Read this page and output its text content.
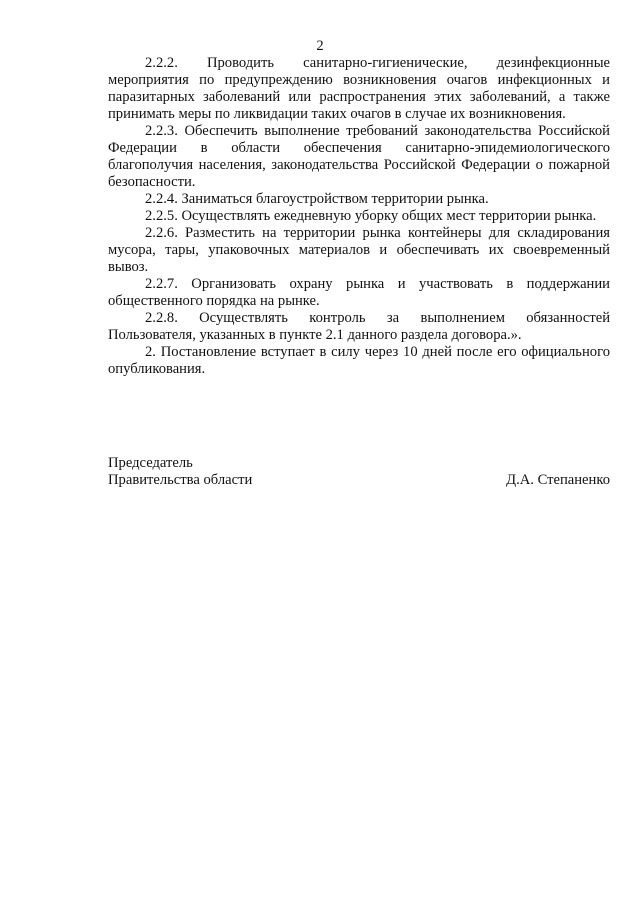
2

2.2.2. Проводить санитарно-гигиенические, дезинфекционные мероприятия по предупреждению возникновения очагов инфекционных и паразитарных заболеваний или распространения этих заболеваний, а также принимать меры по ликвидации таких очагов в случае их возникновения.

2.2.3. Обеспечить выполнение требований законодательства Российской Федерации в области обеспечения санитарно-эпидемиологического благополучия населения, законодательства Российской Федерации о пожарной безопасности.

2.2.4. Заниматься благоустройством территории рынка.

2.2.5. Осуществлять ежедневную уборку общих мест территории рынка.

2.2.6. Разместить на территории рынка контейнеры для складирования мусора, тары, упаковочных материалов и обеспечивать их своевременный вывоз.

2.2.7. Организовать охрану рынка и участвовать в поддержании общественного порядка на рынке.

2.2.8. Осуществлять контроль за выполнением обязанностей Пользователя, указанных в пункте 2.1 данного раздела договора.».

2. Постановление вступает в силу через 10 дней после его официального опубликования.

Председатель
Правительства области	Д.А. Степаненко
